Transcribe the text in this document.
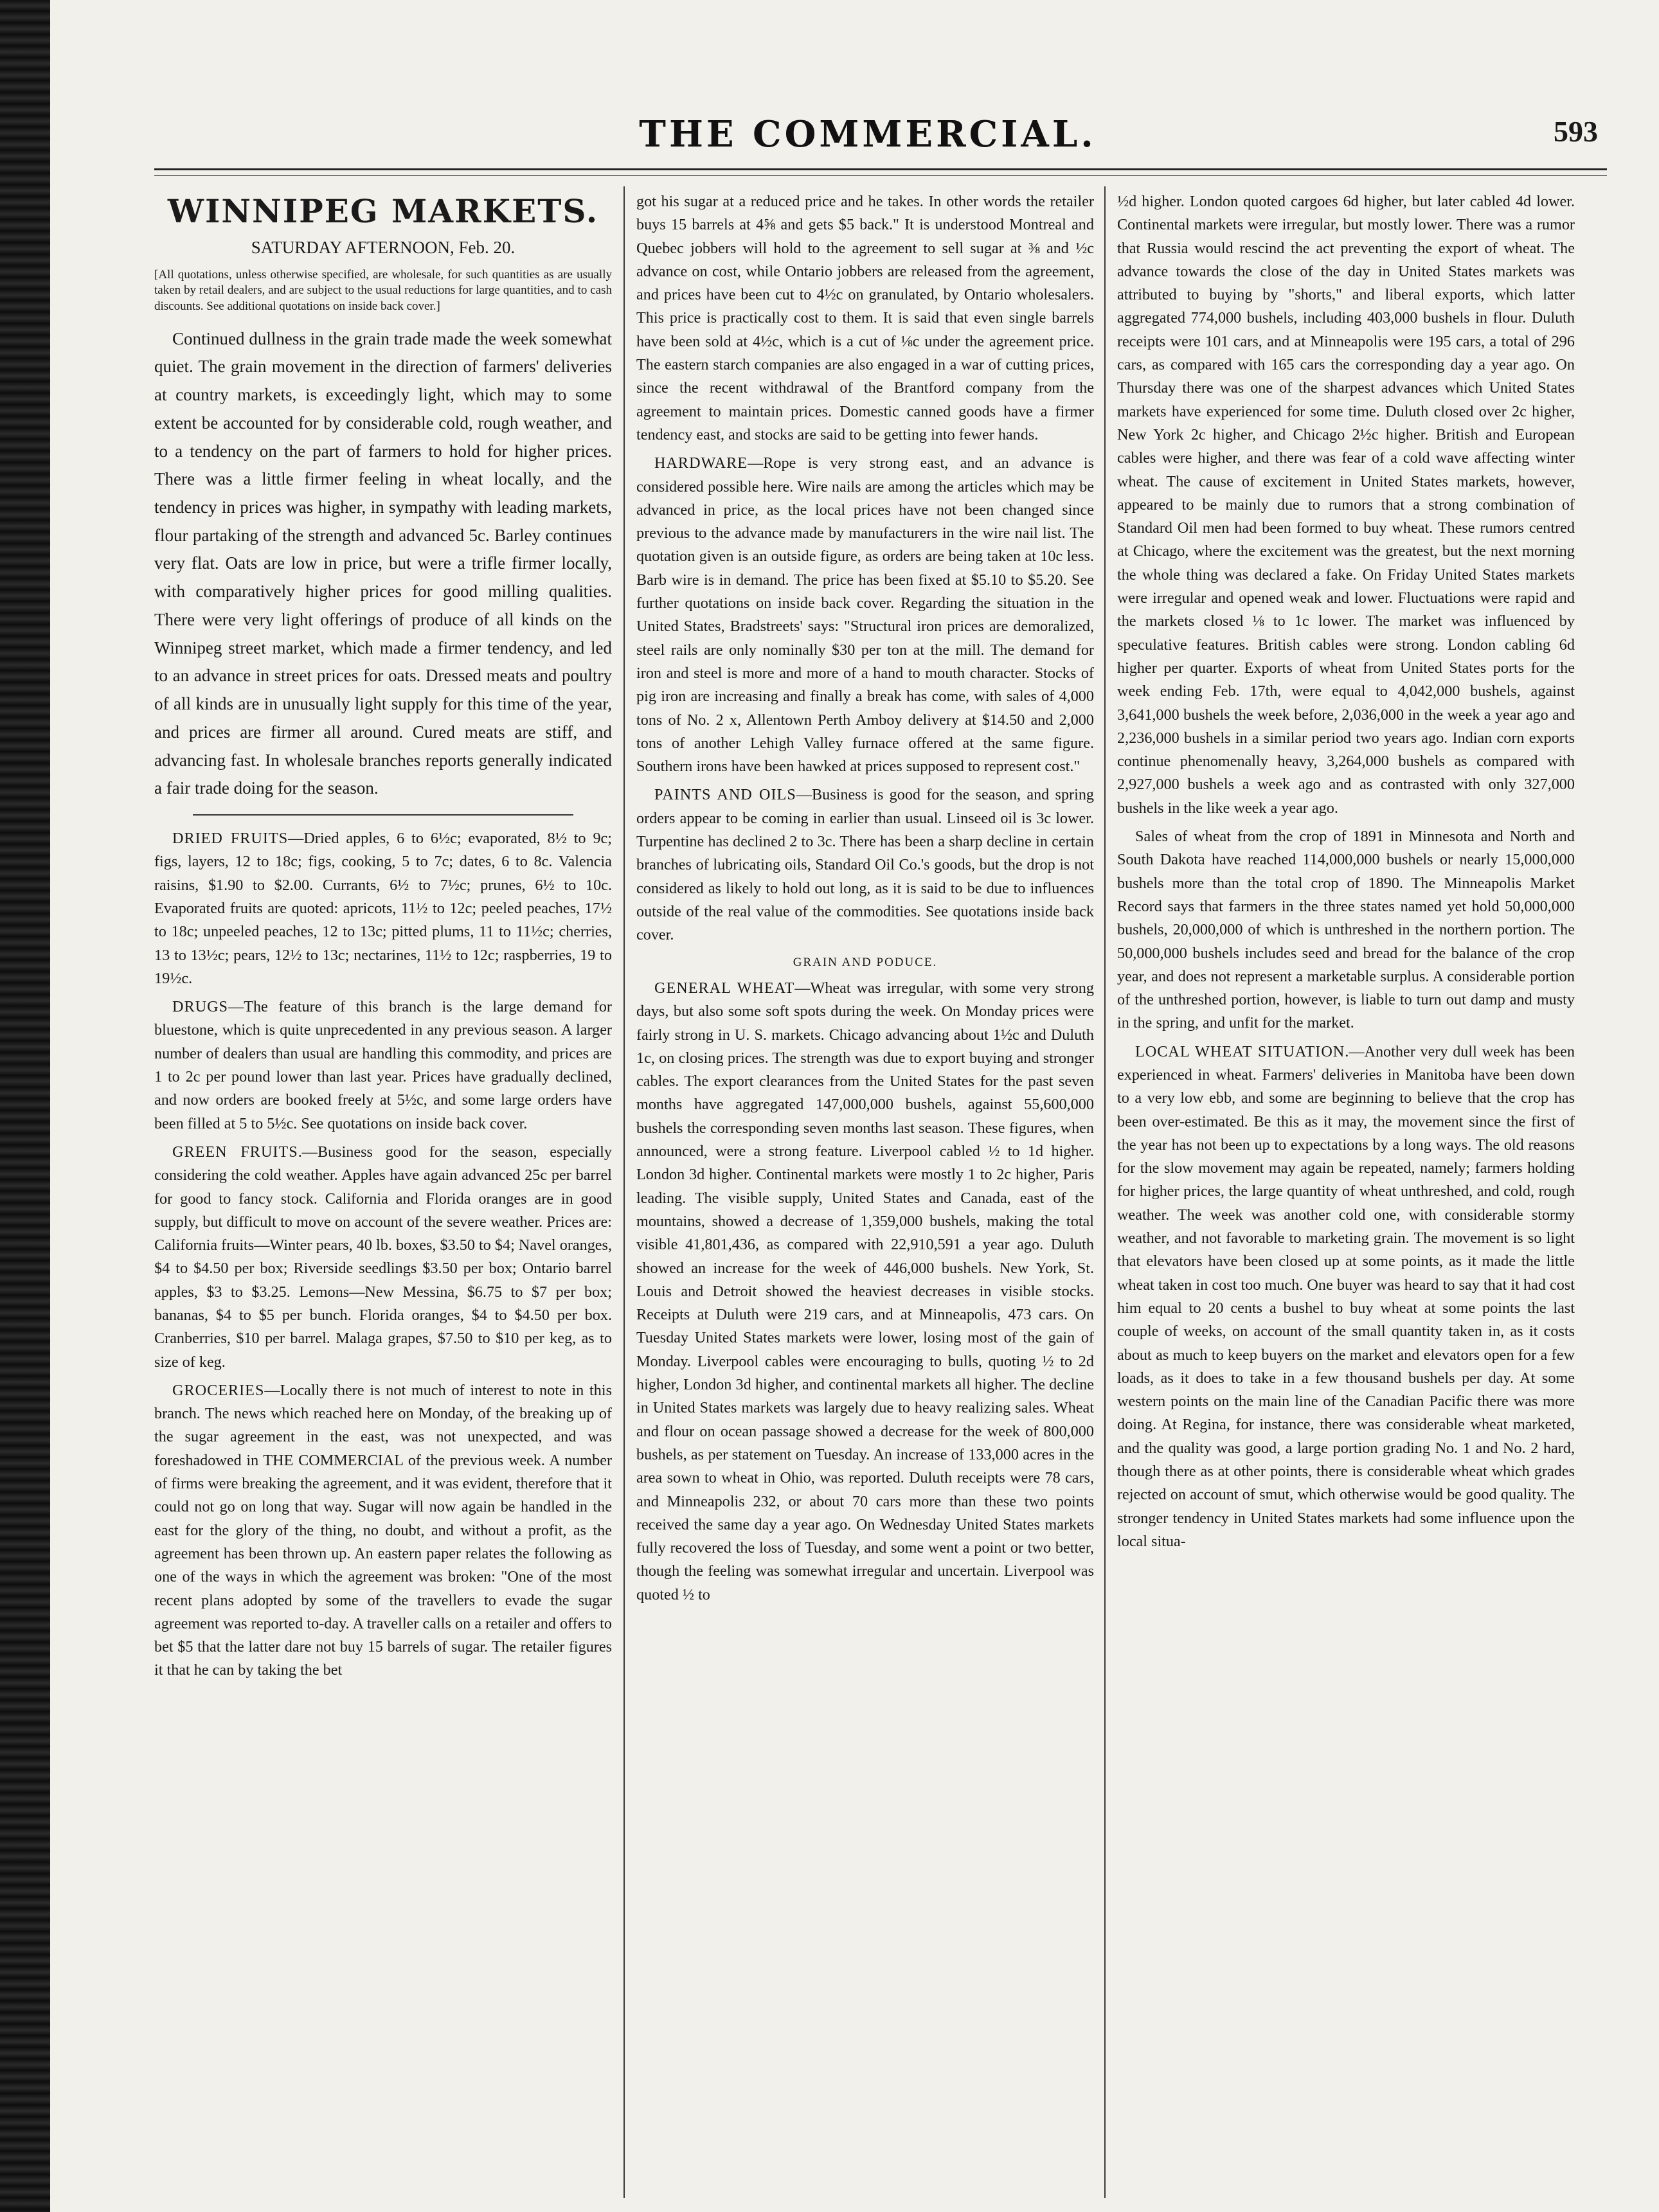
THE COMMERCIAL.	593
WINNIPEG MARKETS.
SATURDAY AFTERNOON, Feb. 20.
[All quotations, unless otherwise specified, are wholesale, for such quantities as are usually taken by retail dealers, and are subject to the usual reductions for large quantities, and to cash discounts. See additional quotations on inside back cover.]

Continued dullness in the grain trade made the week somewhat quiet. The grain movement in the direction of farmers' deliveries at country markets, is exceedingly light, which may to some extent be accounted for by considerable cold, rough weather, and to a tendency on the part of farmers to hold for higher prices. There was a little firmer feeling in wheat locally, and the tendency in prices was higher, in sympathy with leading markets, flour partaking of the strength and advanced 5c. Barley continues very flat. Oats are low in price, but were a trifle firmer locally, with comparatively higher prices for good milling qualities. There were very light offerings of produce of all kinds on the Winnipeg street market, which made a firmer tendency, and led to an advance in street prices for oats. Dressed meats and poultry of all kinds are in unusually light supply for this time of the year, and prices are firmer all around. Cured meats are stiff, and advancing fast. In wholesale branches reports generally indicated a fair trade doing for the season.

DRIED FRUITS—Dried apples, 6 to 6½c; evaporated, 8½ to 9c; figs, layers, 12 to 18c; figs, cooking, 5 to 7c; dates, 6 to 8c. Valencia raisins, $1.90 to $2.00. Currants, 6½ to 7½c; prunes, 6½ to 10c. Evaporated fruits are quoted: apricots, 11½ to 12c; peeled peaches, 17½ to 18c; unpeeled peaches, 12 to 13c; pitted plums, 11 to 11½c; cherries, 13 to 13½c; pears, 12½ to 13c; nectarines, 11½ to 12c; raspberries, 19 to 19½c.

DRUGS—The feature of this branch is the large demand for bluestone, which is quite unprecedented in any previous season. A larger number of dealers than usual are handling this commodity, and prices are 1 to 2c per pound lower than last year. Prices have gradually declined, and now orders are booked freely at 5½c, and some large orders have been filled at 5 to 5½c. See quotations on inside back cover.

GREEN FRUITS.—Business good for the season, especially considering the cold weather. Apples have again advanced 25c per barrel for good to fancy stock. California and Florida oranges are in good supply, but difficult to move on account of the severe weather. Prices are: California fruits—Winter pears, 40 lb. boxes, $3.50 to $4; Navel oranges, $4 to $4.50 per box; Riverside seedlings $3.50 per box; Ontario barrel apples, $3 to $3.25. Lemons—New Messina, $6.75 to $7 per box; bananas, $4 to $5 per bunch. Florida oranges, $4 to $4.50 per box. Cranberries, $10 per barrel. Malaga grapes, $7.50 to $10 per keg, as to size of keg.

GROCERIES—Locally there is not much of interest to note in this branch. The news which reached here on Monday, of the breaking up of the sugar agreement in the east, was not unexpected, and was foreshadowed in THE COMMERCIAL of the previous week. A number of firms were breaking the agreement, and it was evident, therefore that it could not go on long that way. Sugar will now again be handled in the east for the glory of the thing, no doubt, and without a profit, as the agreement has been thrown up. An eastern paper relates the following as one of the ways in which the agreement was broken: "One of the most recent plans adopted by some of the travellers to evade the sugar agreement was reported to-day. A traveller calls on a retailer and offers to bet $5 that the latter dare not buy 15 barrels of sugar. The retailer figures it that he can by taking the bet

got his sugar at a reduced price and he takes. In other words the retailer buys 15 barrels at 4⅝ and gets $5 back." It is understood Montreal and Quebec jobbers will hold to the agreement to sell sugar at ⅜ and ½c advance on cost, while Ontario jobbers are released from the agreement, and prices have been cut to 4½c on granulated, by Ontario wholesalers. This price is practically cost to them. It is said that even single barrels have been sold at 4½c, which is a cut of ⅛c under the agreement price. The eastern starch companies are also engaged in a war of cutting prices, since the recent withdrawal of the Brantford company from the agreement to maintain prices. Domestic canned goods have a firmer tendency east, and stocks are said to be getting into fewer hands.

HARDWARE—Rope is very strong east, and an advance is considered possible here. Wire nails are among the articles which may be advanced in price, as the local prices have not been changed since previous to the advance made by manufacturers in the wire nail list. The quotation given is an outside figure, as orders are being taken at 10c less. Barb wire is in demand. The price has been fixed at $5.10 to $5.20. See further quotations on inside back cover. Regarding the situation in the United States, Bradstreets' says: "Structural iron prices are demoralized, steel rails are only nominally $30 per ton at the mill. The demand for iron and steel is more and more of a hand to mouth character. Stocks of pig iron are increasing and finally a break has come, with sales of 4,000 tons of No. 2 x, Allentown Perth Amboy delivery at $14.50 and 2,000 tons of another Lehigh Valley furnace offered at the same figure. Southern irons have been hawked at prices supposed to represent cost."

PAINTS AND OILS—Business is good for the season, and spring orders appear to be coming in earlier than usual. Linseed oil is 3c lower. Turpentine has declined 2 to 3c. There has been a sharp decline in certain branches of lubricating oils, Standard Oil Co.'s goods, but the drop is not considered as likely to hold out long, as it is said to be due to influences outside of the real value of the commodities. See quotations inside back cover.

GRAIN AND PODUCE.

GENERAL WHEAT—Wheat was irregular, with some very strong days, but also some soft spots during the week. On Monday prices were fairly strong in U. S. markets. Chicago advancing about 1½c and Duluth 1c, on closing prices. The strength was due to export buying and stronger cables. The export clearances from the United States for the past seven months have aggregated 147,000,000 bushels, against 55,600,000 bushels the corresponding seven months last season. These figures, when announced, were a strong feature. Liverpool cabled ½ to 1d higher. London 3d higher. Continental markets were mostly 1 to 2c higher, Paris leading. The visible supply, United States and Canada, east of the mountains, showed a decrease of 1,359,000 bushels, making the total visible 41,801,436, as compared with 22,910,591 a year ago. Duluth showed an increase for the week of 446,000 bushels. New York, St. Louis and Detroit showed the heaviest decreases in visible stocks. Receipts at Duluth were 219 cars, and at Minneapolis, 473 cars. On Tuesday United States markets were lower, losing most of the gain of Monday. Liverpool cables were encouraging to bulls, quoting ½ to 2d higher, London 3d higher, and continental markets all higher. The decline in United States markets was largely due to heavy realizing sales. Wheat and flour on ocean passage showed a decrease for the week of 800,000 bushels, as per statement on Tuesday. An increase of 133,000 acres in the area sown to wheat in Ohio, was reported. Duluth receipts were 78 cars, and Minneapolis 232, or about 70 cars more than these two points received the same day a year ago. On Wednesday United States markets fully recovered the loss of Tuesday, and some went a point or two better, though the feeling was somewhat irregular and uncertain. Liverpool was quoted ½ to

½d higher. London quoted cargoes 6d higher, but later cabled 4d lower. Continental markets were irregular, but mostly lower. There was a rumor that Russia would rescind the act preventing the export of wheat. The advance towards the close of the day in United States markets was attributed to buying by "shorts," and liberal exports, which latter aggregated 774,000 bushels, including 403,000 bushels in flour. Duluth receipts were 101 cars, and at Minneapolis were 195 cars, a total of 296 cars, as compared with 165 cars the corresponding day a year ago. On Thursday there was one of the sharpest advances which United States markets have experienced for some time. Duluth closed over 2c higher, New York 2c higher, and Chicago 2½c higher. British and European cables were higher, and there was fear of a cold wave affecting winter wheat. The cause of excitement in United States markets, however, appeared to be mainly due to rumors that a strong combination of Standard Oil men had been formed to buy wheat. These rumors centred at Chicago, where the excitement was the greatest, but the next morning the whole thing was declared a fake. On Friday United States markets were irregular and opened weak and lower. Fluctuations were rapid and the markets closed ⅛ to 1c lower. The market was influenced by speculative features. British cables were strong. London cabling 6d higher per quarter. Exports of wheat from United States ports for the week ending Feb. 17th, were equal to 4,042,000 bushels, against 3,641,000 bushels the week before, 2,036,000 in the week a year ago and 2,236,000 bushels in a similar period two years ago. Indian corn exports continue phenomenally heavy, 3,264,000 bushels as compared with 2,927,000 bushels a week ago and as contrasted with only 327,000 bushels in the like week a year ago.

Sales of wheat from the crop of 1891 in Minnesota and North and South Dakota have reached 114,000,000 bushels or nearly 15,000,000 bushels more than the total crop of 1890. The Minneapolis Market Record says that farmers in the three states named yet hold 50,000,000 bushels, 20,000,000 of which is unthreshed in the northern portion. The 50,000,000 bushels includes seed and bread for the balance of the crop year, and does not represent a marketable surplus. A considerable portion of the unthreshed portion, however, is liable to turn out damp and musty in the spring, and unfit for the market.

LOCAL WHEAT SITUATION.—Another very dull week has been experienced in wheat. Farmers' deliveries in Manitoba have been down to a very low ebb, and some are beginning to believe that the crop has been over-estimated. Be this as it may, the movement since the first of the year has not been up to expectations by a long ways. The old reasons for the slow movement may again be repeated, namely; farmers holding for higher prices, the large quantity of wheat unthreshed, and cold, rough weather. The week was another cold one, with considerable stormy weather, and not favorable to marketing grain. The movement is so light that elevators have been closed up at some points, as it made the little wheat taken in cost too much. One buyer was heard to say that it had cost him equal to 20 cents a bushel to buy wheat at some points the last couple of weeks, on account of the small quantity taken in, as it costs about as much to keep buyers on the market and elevators open for a few loads, as it does to take in a few thousand bushels per day. At some western points on the main line of the Canadian Pacific there was more doing. At Regina, for instance, there was considerable wheat marketed, and the quality was good, a large portion grading No. 1 and No. 2 hard, though there as at other points, there is considerable wheat which grades rejected on account of smut, which otherwise would be good quality. The stronger tendency in United States markets had some influence upon the local situa-
